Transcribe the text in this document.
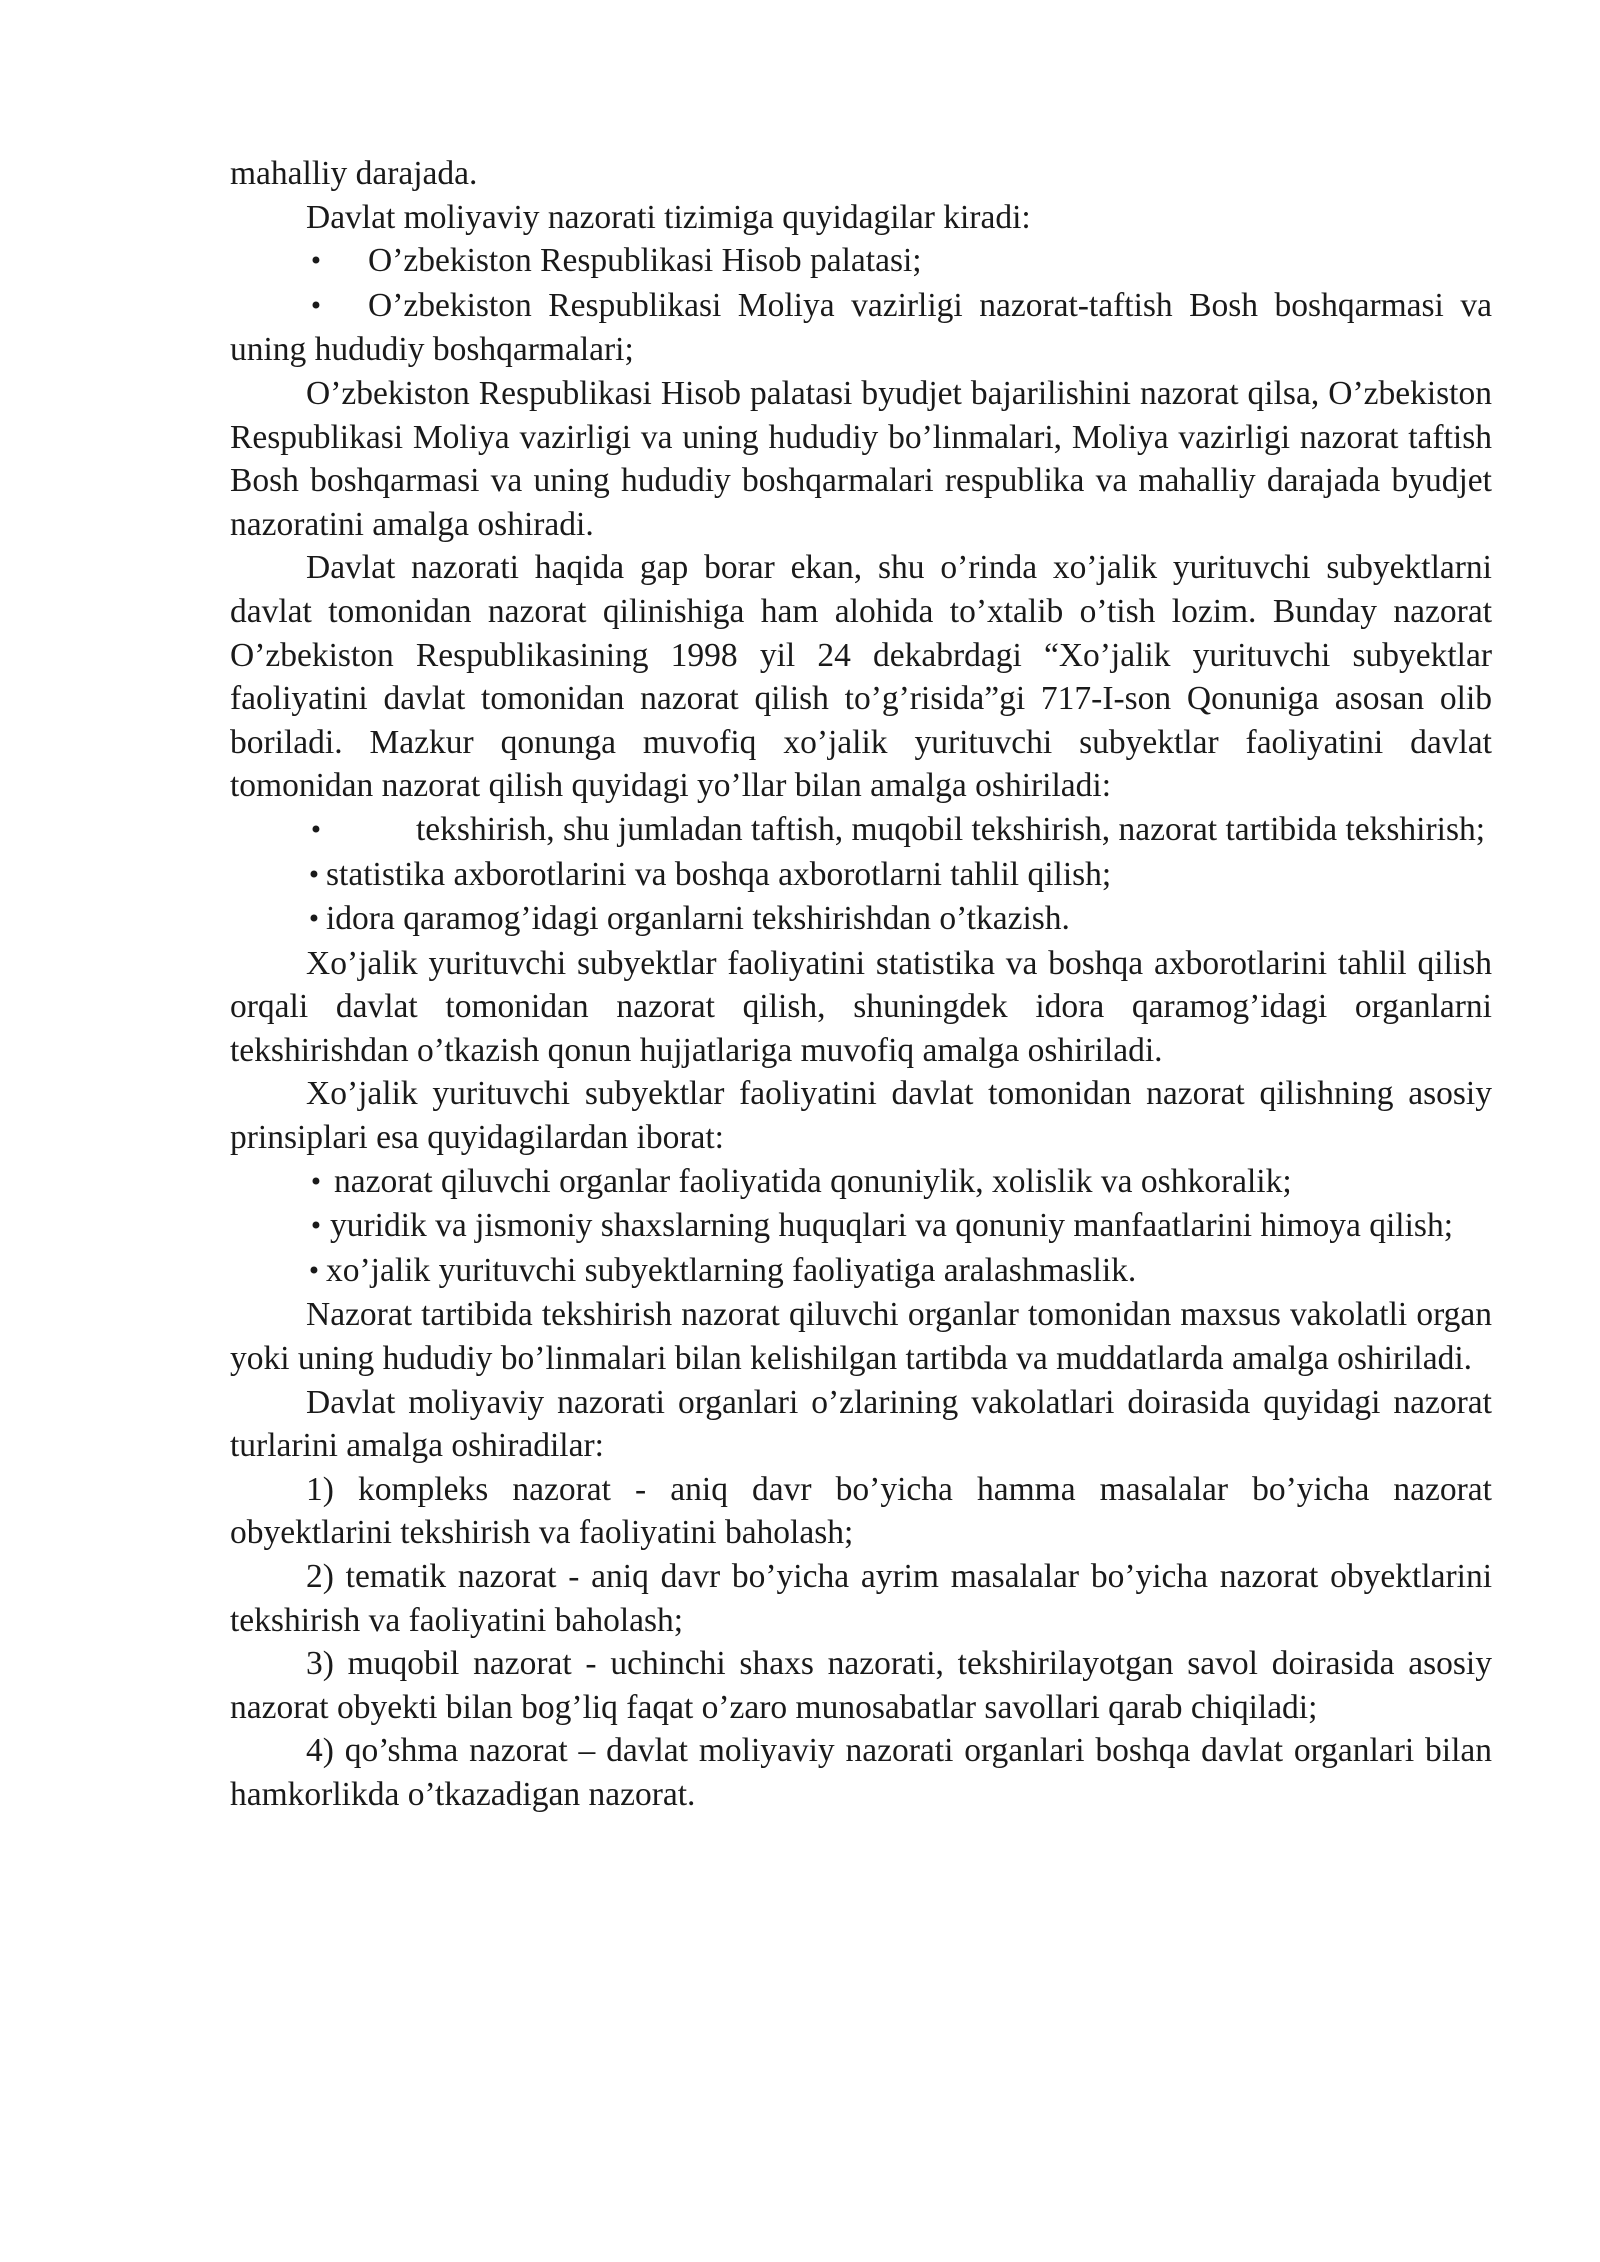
mahalliy darajada.

Davlat moliyaviy nazorati tizimiga quyidagilar kiradi:

• O’zbekiston Respublikasi Hisob palatasi;

• O’zbekiston Respublikasi Moliya vazirligi nazorat-taftish Bosh boshqarmasi va uning hududiy boshqarmalari;

O’zbekiston Respublikasi Hisob palatasi byudjet bajarilishini nazorat qilsa, O’zbekiston Respublikasi Moliya vazirligi va uning hududiy bo’linmalari, Moliya vazirligi nazorat taftish Bosh boshqarmasi va uning hududiy boshqarmalari respublika va mahalliy darajada byudjet nazoratini amalga oshiradi.

Davlat nazorati haqida gap borar ekan, shu o’rinda xo’jalik yurituvchi subyektlarni davlat tomonidan nazorat qilinishiga ham alohida to’xtalib o’tish lozim. Bunday nazorat O’zbekiston Respublikasining 1998 yil 24 dekabrdagi “Xo’jalik yurituvchi subyektlar faoliyatini davlat tomonidan nazorat qilish to’g’risida”gi 717-I-son Qonuniga asosan olib boriladi. Mazkur qonunga muvofiq xo’jalik yurituvchi subyektlar faoliyatini davlat tomonidan nazorat qilish quyidagi yo’llar bilan amalga oshiriladi:

•	tekshirish, shu jumladan taftish, muqobil tekshirish, nazorat tartibida tekshirish;

• statistika axborotlarini va boshqa axborotlarni tahlil qilish;

• idora qaramog’idagi organlarni tekshirishdan o’tkazish.

Xo’jalik yurituvchi subyektlar faoliyatini statistika va boshqa axborotlarini tahlil qilish orqali davlat tomonidan nazorat qilish, shuningdek idora qaramog’idagi organlarni tekshirishdan o’tkazish qonun hujjatlariga muvofiq amalga oshiriladi.

Xo’jalik yurituvchi subyektlar faoliyatini davlat tomonidan nazorat qilishning asosiy prinsiplari esa quyidagilardan iborat:

• nazorat qiluvchi organlar faoliyatida qonuniylik, xolislik va oshkoralik;

• yuridik va jismoniy shaxslarning huquqlari va qonuniy manfaatlarini himoya qilish;

• xo’jalik yurituvchi subyektlarning faoliyatiga aralashmaslik.

Nazorat tartibida tekshirish nazorat qiluvchi organlar tomonidan maxsus vakolatli organ yoki uning hududiy bo’linmalari bilan kelishilgan tartibda va muddatlarda amalga oshiriladi.

Davlat moliyaviy nazorati organlari o’zlarining vakolatlari doirasida quyidagi nazorat turlarini amalga oshiradilar:

1) kompleks nazorat - aniq davr bo’yicha hamma masalalar bo’yicha nazorat obyektlarini tekshirish va faoliyatini baholash;

2) tematik nazorat - aniq davr bo’yicha ayrim masalalar bo’yicha nazorat obyektlarini tekshirish va faoliyatini baholash;

3) muqobil nazorat - uchinchi shaxs nazorati, tekshirilayotgan savol doirasida asosiy nazorat obyekti bilan bog’liq faqat o’zaro munosabatlar savollari qarab chiqiladi;

4) qo’shma nazorat – davlat moliyaviy nazorati organlari boshqa davlat organlari bilan hamkorlikda o’tkazadigan nazorat.
